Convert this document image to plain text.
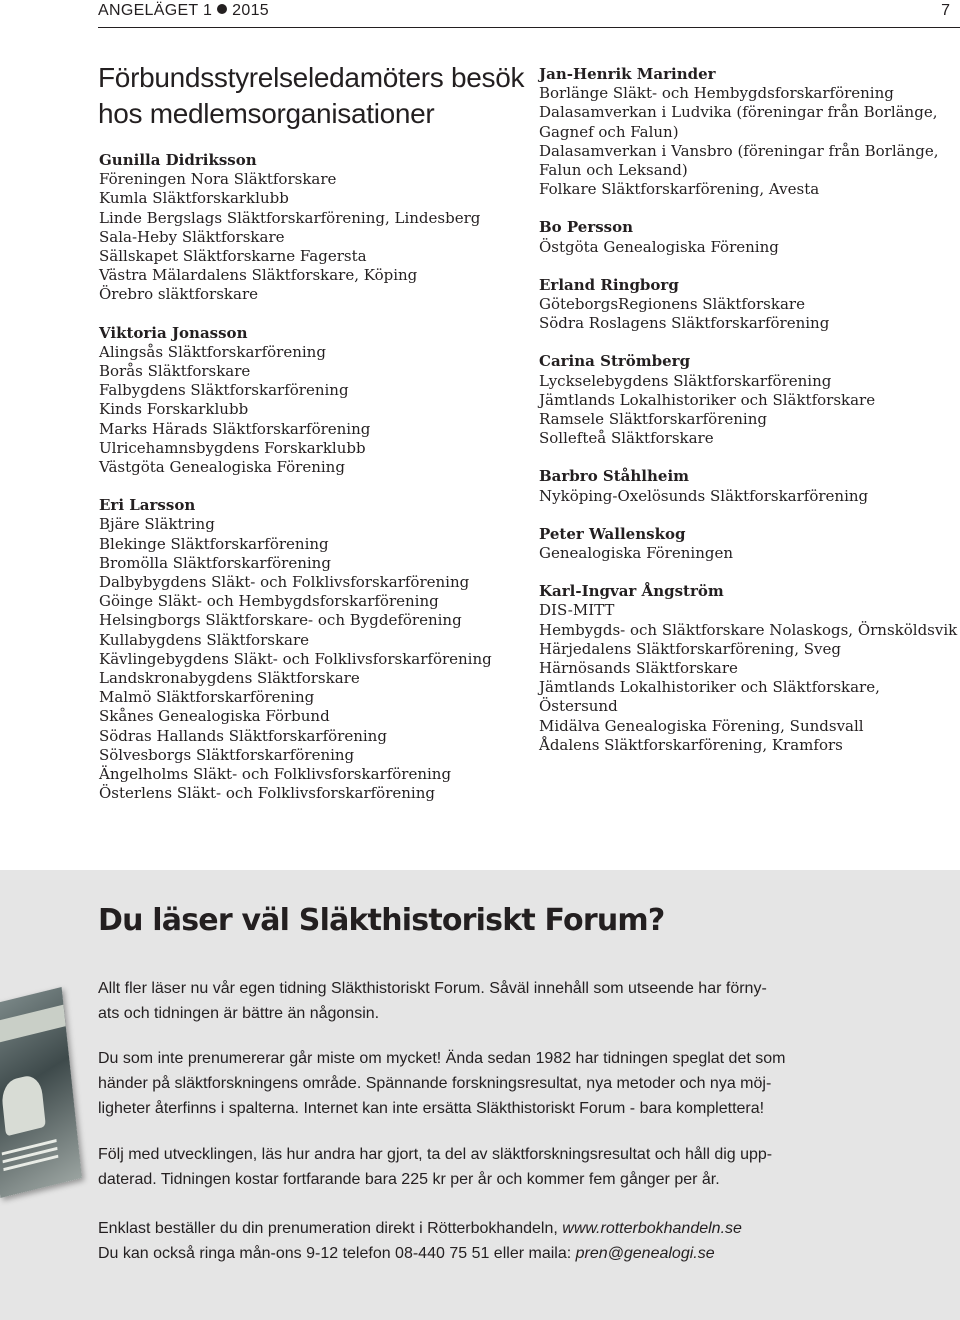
ANGELÄGET 1 2015	7
Förbundsstyrelseledamöters besök hos medlemsorganisationer
Gunilla Didriksson
Föreningen Nora Släktforskare
Kumla Släktforskarklubb
Linde Bergslags Släktforskarförening, Lindesberg
Sala-Heby Släktforskare
Sällskapet Släktforskarne Fagersta
Västra Mälardalens Släktforskare, Köping
Örebro släktforskare
Viktoria Jonasson
Alingsås Släktforskarförening
Borås Släktforskare
Falbygdens Släktforskarförening
Kinds Forskarklubb
Marks Härads Släktforskarförening
Ulricehamnsbygdens Forskarklubb
Västgöta Genealogiska Förening
Eri Larsson
Bjäre Släktring
Blekinge Släktforskarförening
Bromölla Släktforskarförening
Dalbybygdens Släkt- och Folklivsforskarförening
Göinge Släkt- och Hembygdsforskarförening
Helsingborgs Släktforskare- och Bygdeförening
Kullabygdens Släktforskare
Kävlingebygdens Släkt- och Folklivsforskarförening
Landskronabygdens Släktforskare
Malmö Släktforskarförening
Skånes Genealogiska Förbund
Södras Hallands Släktforskarförening
Sölvesborgs Släktforskarförening
Ängelholms Släkt- och Folklivsforskarförening
Österlens Släkt- och Folklivsforskarförening
Jan-Henrik Marinder
Borlänge Släkt- och Hembygdsforskarförening
Dalasamverkan i Ludvika (föreningar från Borlänge, Gagnef och Falun)
Dalasamverkan i Vansbro (föreningar från Borlänge, Falun och Leksand)
Folkare Släktforskarförening, Avesta
Bo Persson
Östgöta Genealogiska Förening
Erland Ringborg
GöteborgsRegionens Släktforskare
Södra Roslagens Släktforskarförening
Carina Strömberg
Lyckselebygdens Släktforskarförening
Jämtlands Lokalhistoriker och Släktforskare
Ramsele Släktforskarförening
Sollefteå Släktforskare
Barbro Ståhlheim
Nyköping-Oxelösunds Släktforskarförening
Peter Wallenskog
Genealogiska Föreningen
Karl-Ingvar Ångström
DIS-MITT
Hembygds- och Släktforskare Nolaskogs, Örnsköldsvik
Härjedalens Släktforskarförening, Sveg
Härnösands Släktforskare
Jämtlands Lokalhistoriker och Släktforskare, Östersund
Midälva Genealogiska Förening, Sundsvall
Ådalens Släktforskarförening, Kramfors
Du läser väl Släkthistoriskt Forum?

Allt fler läser nu vår egen tidning Släkthistoriskt Forum. Såväl innehåll som utseende har förny-
ats och tidningen är bättre än någonsin.

Du som inte prenumererar går miste om mycket! Ända sedan 1982 har tidningen speglat det som
händer på släktforskningens område. Spännande forskningsresultat, nya metoder och nya möj-
ligheter återfinns i spalterna. Internet kan inte ersätta Släkthistoriskt Forum - bara komplettera!

Följ med utvecklingen, läs hur andra har gjort, ta del av släktforskningsresultat och håll dig upp-
daterad. Tidningen kostar fortfarande bara 225 kr per år och kommer fem gånger per år.

Enklast beställer du din prenumeration direkt i Rötterbokhandeln, www.rotterbokhandeln.se
Du kan också ringa mån-ons 9-12 telefon 08-440 75 51 eller maila: pren@genealogi.se
